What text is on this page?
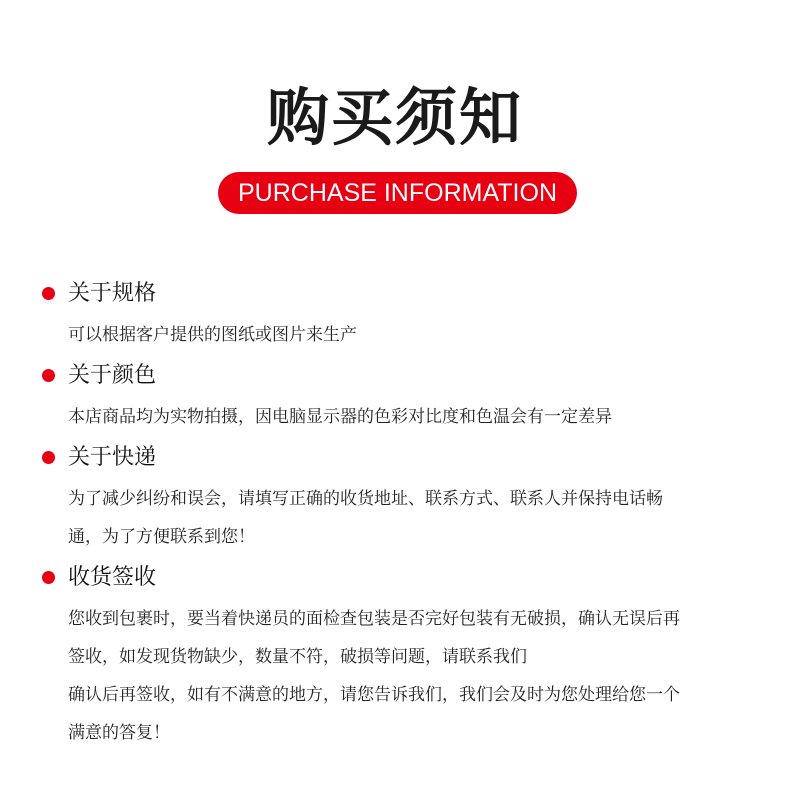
购买须知
PURCHASE INFORMATION
关于规格
可以根据客户提供的图纸或图片来生产
关于颜色
本店商品均为实物拍摄，因电脑显示器的色彩对比度和色温会有一定差异
关于快递
为了减少纠纷和误会，请填写正确的收货地址、联系方式、联系人并保持电话畅
通，为了方便联系到您！
收货签收
您收到包裹时，要当着快递员的面检查包装是否完好包装有无破损，确认无误后再
签收，如发现货物缺少，数量不符，破损等问题，请联系我们
确认后再签收，如有不满意的地方，请您告诉我们，我们会及时为您处理给您一个
满意的答复！
